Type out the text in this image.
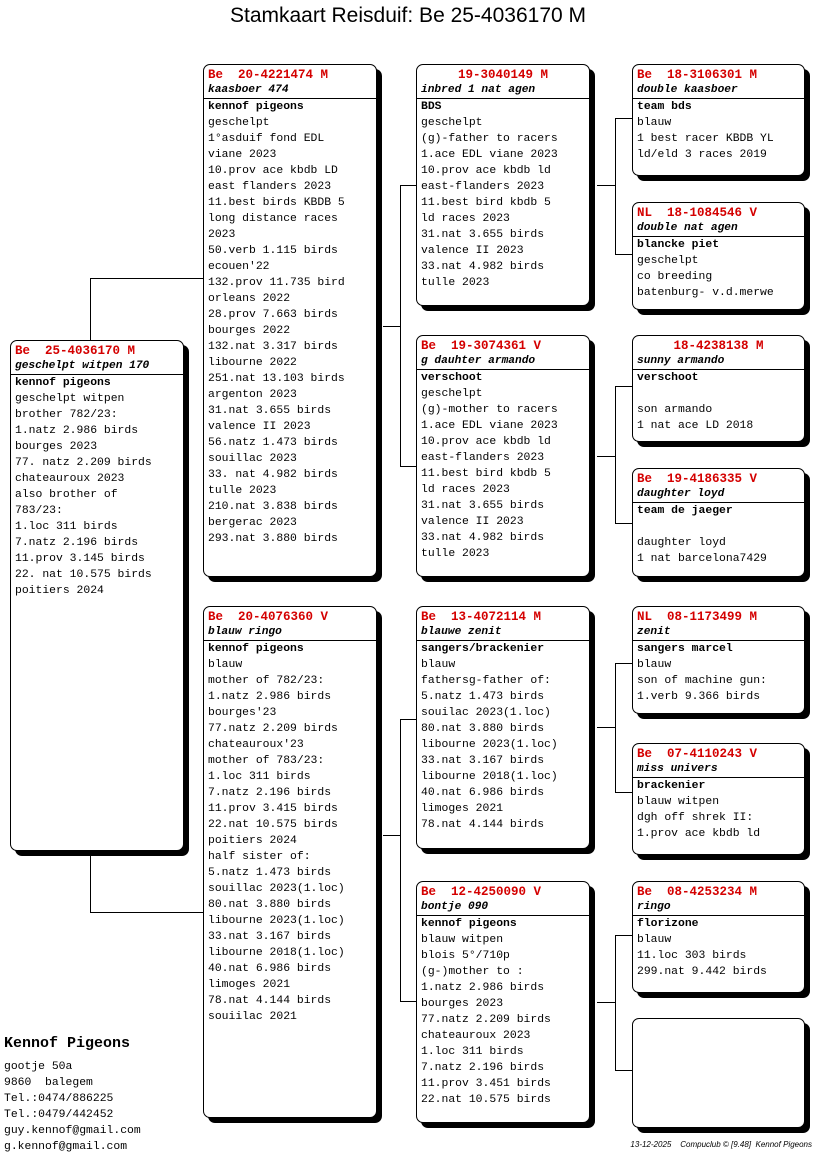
Stamkaart Reisduif: Be 25-4036170 M
Be  25-4036170 M
geschelpt witpen 170
kennof pigeons
geschelpt witpen
brother 782/23:
1.natz 2.986 birds
bourges 2023
77. natz 2.209 birds
chateauroux 2023
also brother of
783/23:
1.loc 311 birds
7.natz 2.196 birds
11.prov 3.145 birds
22. nat 10.575 birds
poitiers 2024
Be  20-4221474 M
kaasboer 474
kennof pigeons
geschelpt
1°asduif fond EDL
viane 2023
10.prov ace kbdb LD
east flanders 2023
11.best birds KBDB 5
long distance races
2023
50.verb 1.115 birds
ecouen'22
132.prov 11.735 bird
orleans 2022
28.prov 7.663 birds
bourges 2022
132.nat 3.317 birds
libourne 2022
251.nat 13.103 birds
argenton 2023
31.nat 3.655 birds
valence II 2023
56.natz 1.473 birds
souillac 2023
33. nat 4.982 birds
tulle 2023
210.nat 3.838 birds
bergerac 2023
293.nat 3.880 birds
Be  20-4076360 V
blauw ringo
kennof pigeons
blauw
mother of 782/23:
1.natz 2.986 birds
bourges'23
77.natz 2.209 birds
chateauroux'23
mother of 783/23:
1.loc 311 birds
7.natz 2.196 birds
11.prov 3.415 birds
22.nat 10.575 birds
poitiers 2024
half sister of:
5.natz 1.473 birds
souillac 2023(1.loc)
80.nat 3.880 birds
libourne 2023(1.loc)
33.nat 3.167 birds
libourne 2018(1.loc)
40.nat 6.986 birds
limoges 2021
78.nat 4.144 birds
souiilac 2021
19-3040149 M
inbred 1 nat agen
BDS
geschelpt
(g)-father to racers
1.ace EDL viane 2023
10.prov ace kbdb ld
east-flanders 2023
11.best bird kbdb 5
ld races 2023
31.nat 3.655 birds
valence II 2023
33.nat 4.982 birds
tulle 2023
Be  19-3074361 V
g dauhter armando
verschoot
geschelpt
(g)-mother to racers
1.ace EDL viane 2023
10.prov ace kbdb ld
east-flanders 2023
11.best bird kbdb 5
ld races 2023
31.nat 3.655 birds
valence II 2023
33.nat 4.982 birds
tulle 2023
Be  13-4072114 M
blauwe zenit
sangers/brackenier
blauw
fathersg-father of:
5.natz 1.473 birds
souilac 2023(1.loc)
80.nat 3.880 birds
libourne 2023(1.loc)
33.nat 3.167 birds
libourne 2018(1.loc)
40.nat 6.986 birds
limoges 2021
78.nat 4.144 birds
Be  12-4250090 V
bontje 090
kennof pigeons
blauw witpen
blois 5°/710p
(g-)mother to :
1.natz 2.986 birds
bourges 2023
77.natz 2.209 birds
chateauroux 2023
1.loc 311 birds
7.natz 2.196 birds
11.prov 3.451 birds
22.nat 10.575 birds
Be  18-3106301 M
double kaasboer
team bds
blauw
1 best racer KBDB YL
ld/eld 3 races 2019
NL  18-1084546 V
double nat agen
blancke piet
geschelpt
co breeding
batenburg- v.d.merwe
18-4238138 M
sunny armando
verschoot
son armando
1 nat ace LD 2018
Be  19-4186335 V
daughter loyd
team de jaeger
daughter loyd
1 nat barcelona7429
NL  08-1173499 M
zenit
sangers marcel
blauw
son of machine gun:
1.verb 9.366 birds
Be  07-4110243 V
miss univers
brackenier
blauw witpen
dgh off shrek II:
1.prov ace kbdb ld
Be  08-4253234 M
ringo
florizone
blauw
11.loc 303 birds
299.nat 9.442 birds
Kennof Pigeons
gootje 50a
9860  balegem
Tel.:0474/886225
Tel.:0479/442452
guy.kennof@gmail.com
g.kennof@gmail.com	13-12-2025    Compuclub © [9.48]  Kennof Pigeons
